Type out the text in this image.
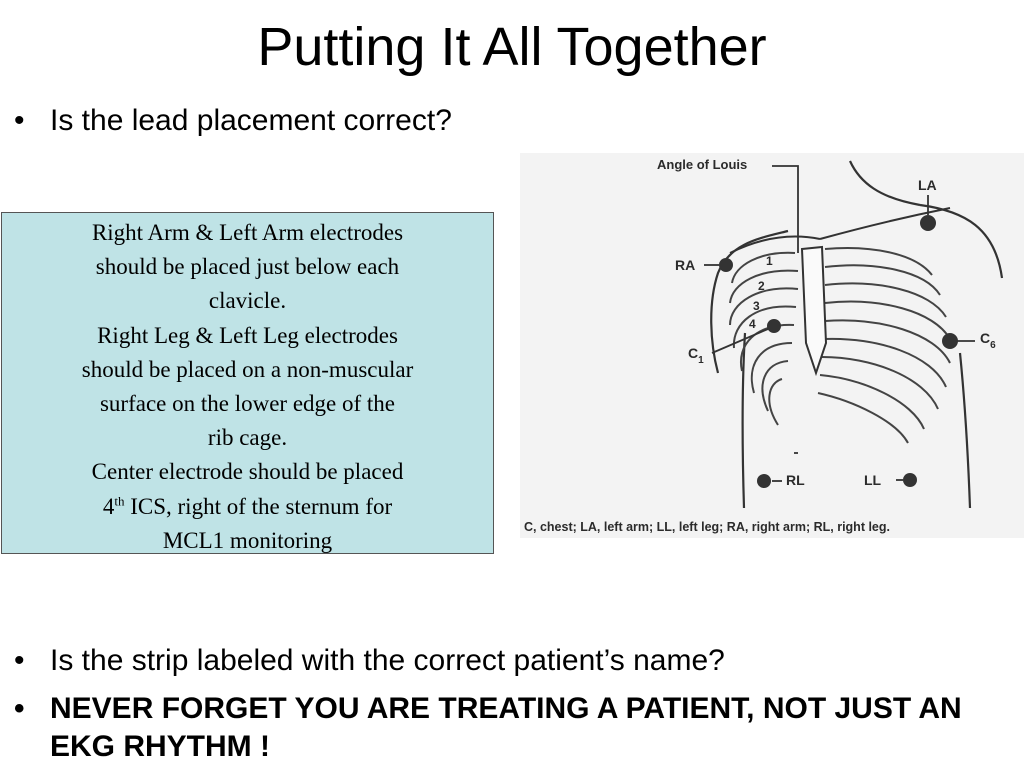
Putting It All Together
• Is the lead placement correct?
Right Arm & Left Arm electrodes
should be placed just below each
clavicle.
Right Leg & Left Leg electrodes
should be placed on a non-muscular
surface on the lower edge of the
rib cage.
Center electrode should be placed
4th ICS, right of the sternum for
MCL1 monitoring
Angle of Louis
LA
RA
$C_6$
$C_1$
RL	LL
1
2
3
4
C, chest; LA, left arm; LL, left leg; RA, right arm; RL, right leg.
• Is the strip labeled with the correct patient’s name?
• NEVER FORGET YOU ARE TREATING A PATIENT, NOT JUST AN EKG RHYTHM !
